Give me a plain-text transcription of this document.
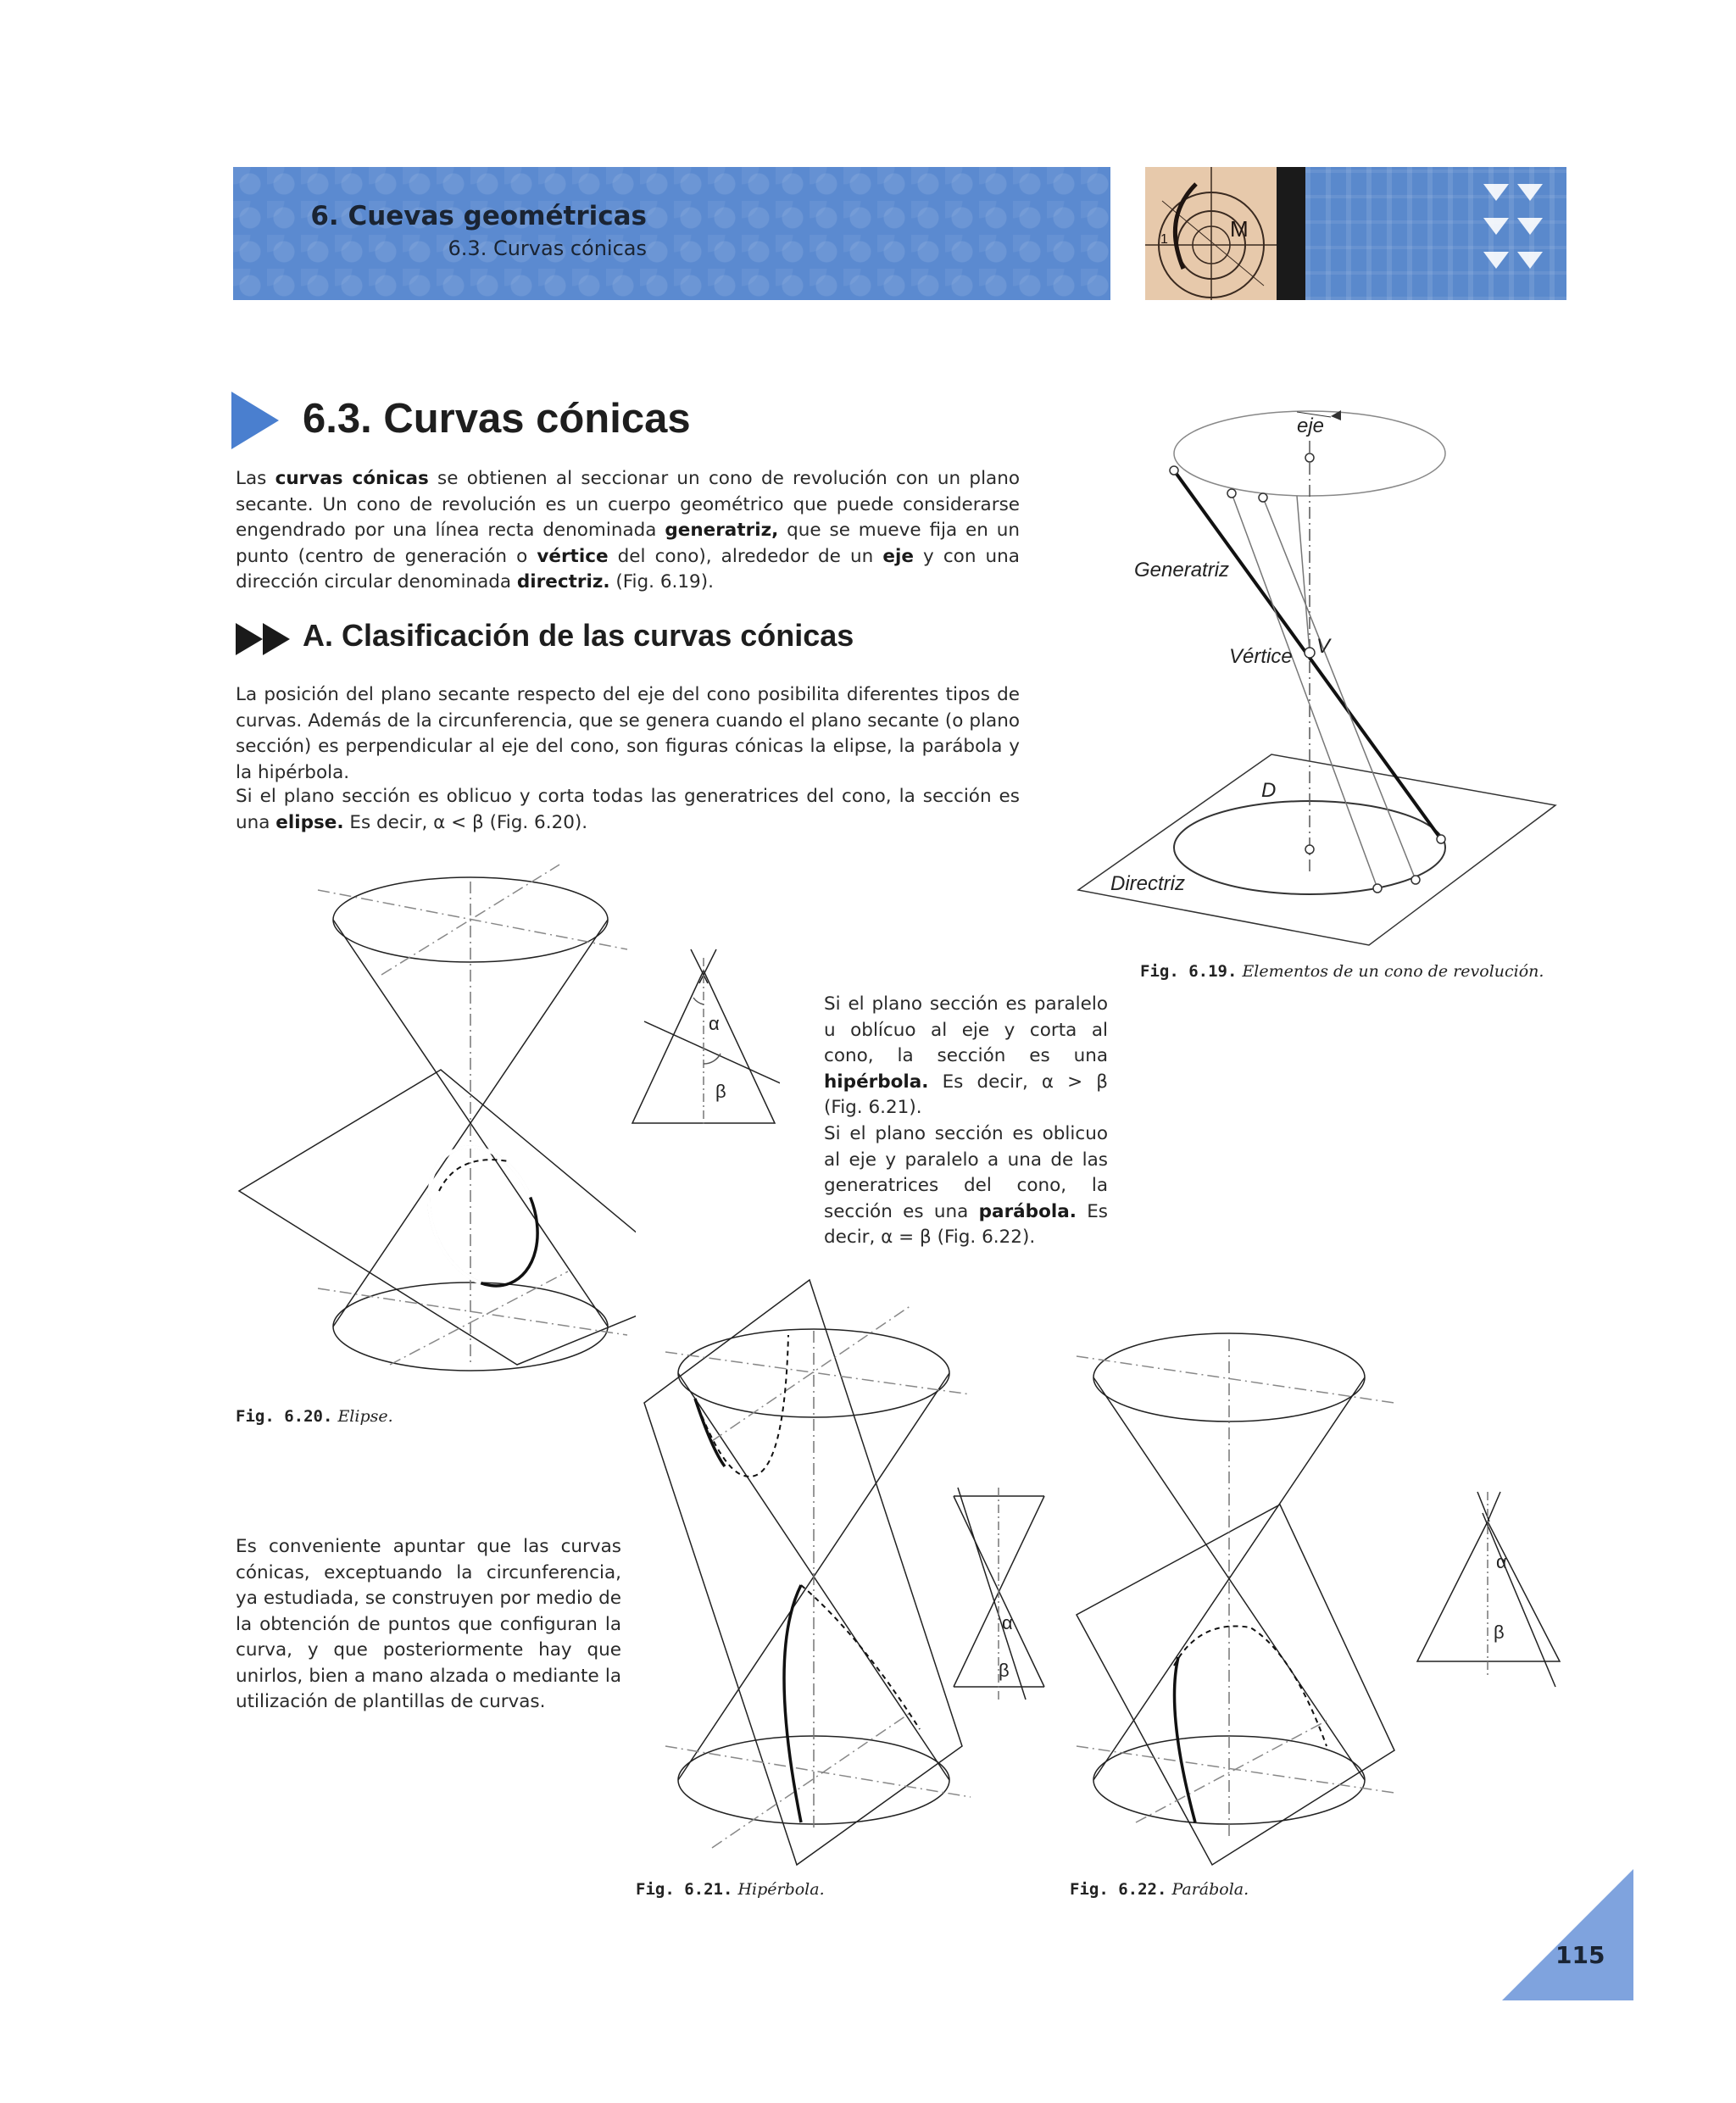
6. Cuevas geométricas
6.3. Curvas cónicas
M
1
6.3. Curvas cónicas
Las curvas cónicas se obtienen al seccionar un cono de revolución con un plano secante. Un cono de revolución es un cuerpo geométrico que puede considerarse engendrado por una línea recta denominada generatriz, que se mueve fija en un punto (centro de generación o vértice del cono), alrededor de un eje y con una dirección circular denominada directriz. (Fig. 6.19).
A. Clasificación de las curvas cónicas
La posición del plano secante respecto del eje del cono posibilita diferentes tipos de curvas. Además de la circunferencia, que se genera cuando el plano secante (o plano sección) es perpendicular al eje del cono, son figuras cónicas la elipse, la parábola y la hipérbola.
Si el plano sección es oblicuo y corta todas las generatrices del cono, la sección es una elipse. Es decir, α < β (Fig. 6.20).
Si el plano sección es paralelo u oblícuo al eje y corta al cono, la sección es una hipérbola. Es decir, α > β (Fig. 6.21).
Si el plano sección es oblicuo al eje y paralelo a una de las generatrices del cono, la sección es una parábola. Es decir, α = β (Fig. 6.22).
Es conveniente apuntar que las curvas cónicas, exceptuando la circunferencia, ya estudiada, se construyen por medio de la obtención de puntos que configuran la curva, y que posteriormente hay que unirlos, bien a mano alzada o mediante la utilización de plantillas de curvas.
eje
Generatriz
Vértice V
D
Directriz
Fig. 6.19. Elementos de un cono de revolución.
Fig. 6.20. Elipse.
α
β
Fig. 6.21. Hipérbola.
α
β
Fig. 6.22. Parábola.
α
β
115
